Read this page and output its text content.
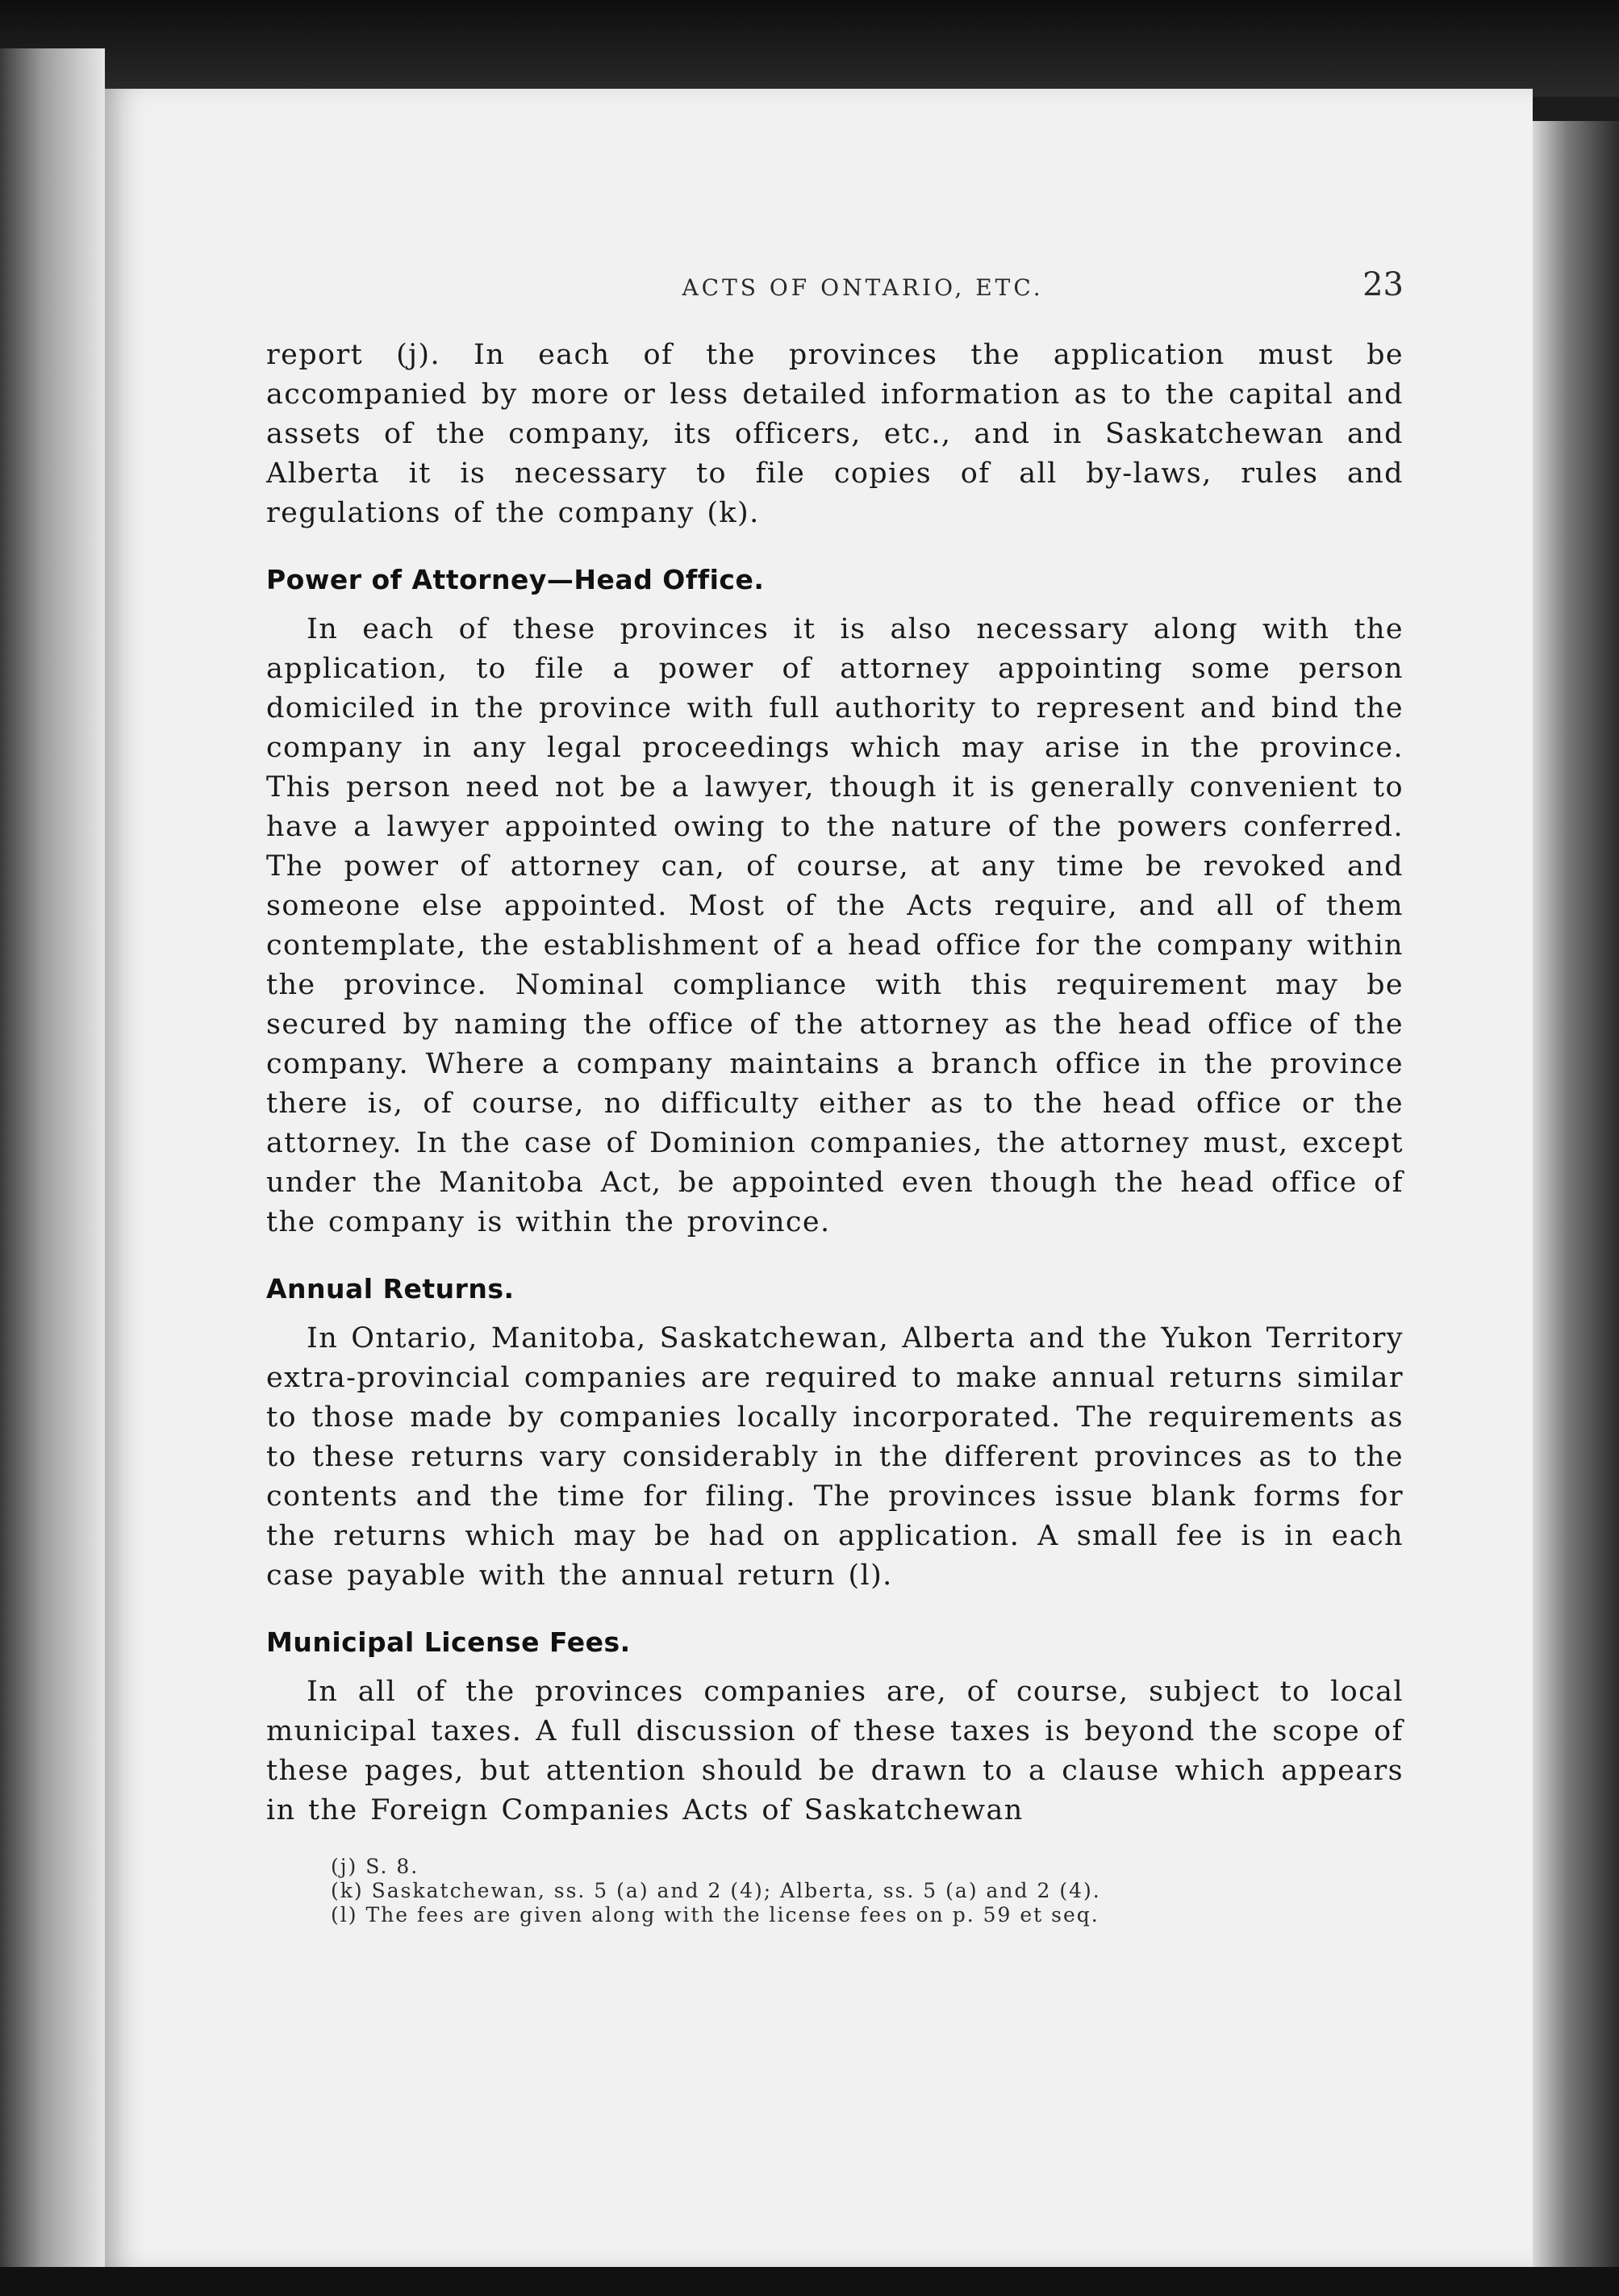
ACTS OF ONTARIO, ETC.	23

report (j). In each of the provinces the application must be accompanied by more or less detailed information as to the capital and assets of the company, its officers, etc., and in Saskatchewan and Alberta it is necessary to file copies of all by-laws, rules and regulations of the company (k).

Power of Attorney—Head Office.

In each of these provinces it is also necessary along with the application, to file a power of attorney appointing some person domiciled in the province with full authority to represent and bind the company in any legal proceedings which may arise in the province. This person need not be a lawyer, though it is generally convenient to have a lawyer appointed owing to the nature of the powers conferred. The power of attorney can, of course, at any time be revoked and someone else appointed. Most of the Acts require, and all of them contemplate, the establishment of a head office for the company within the province. Nominal compliance with this requirement may be secured by naming the office of the attorney as the head office of the company. Where a company maintains a branch office in the province there is, of course, no difficulty either as to the head office or the attorney. In the case of Dominion companies, the attorney must, except under the Manitoba Act, be appointed even though the head office of the company is within the province.

Annual Returns.

In Ontario, Manitoba, Saskatchewan, Alberta and the Yukon Territory extra-provincial companies are required to make annual returns similar to those made by companies locally incorporated. The requirements as to these returns vary considerably in the different provinces as to the contents and the time for filing. The provinces issue blank forms for the returns which may be had on application. A small fee is in each case payable with the annual return (l).

Municipal License Fees.

In all of the provinces companies are, of course, subject to local municipal taxes. A full discussion of these taxes is beyond the scope of these pages, but attention should be drawn to a clause which appears in the Foreign Companies Acts of Saskatchewan

(j) S. 8.

(k) Saskatchewan, ss. 5 (a) and 2 (4); Alberta, ss. 5 (a) and 2 (4).

(l) The fees are given along with the license fees on p. 59 et seq.
